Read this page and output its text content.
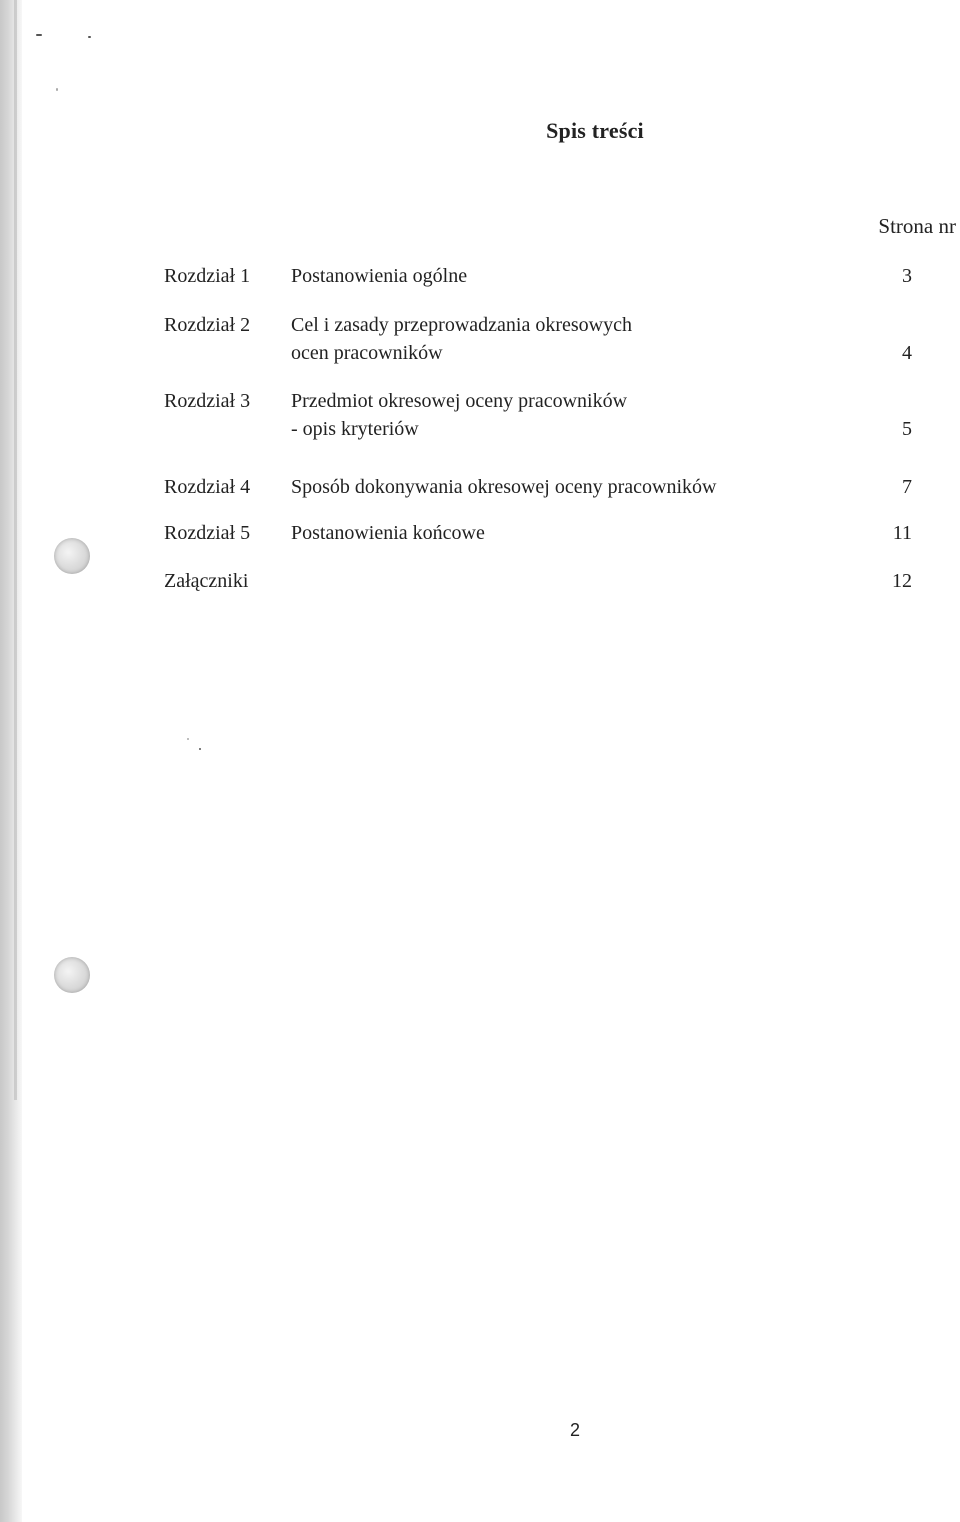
Spis treści
Strona nr
Rozdział 1 Postanowienia ogólne	3
Rozdział 2 Cel i zasady przeprowadzania okresowych
ocen pracowników	4
Rozdział 3 Przedmiot okresowej oceny pracowników
- opis kryteriów	5
Rozdział 4 Sposób dokonywania okresowej oceny pracowników	7
Rozdział 5 Postanowienia końcowe	11
Załączniki	12
2
